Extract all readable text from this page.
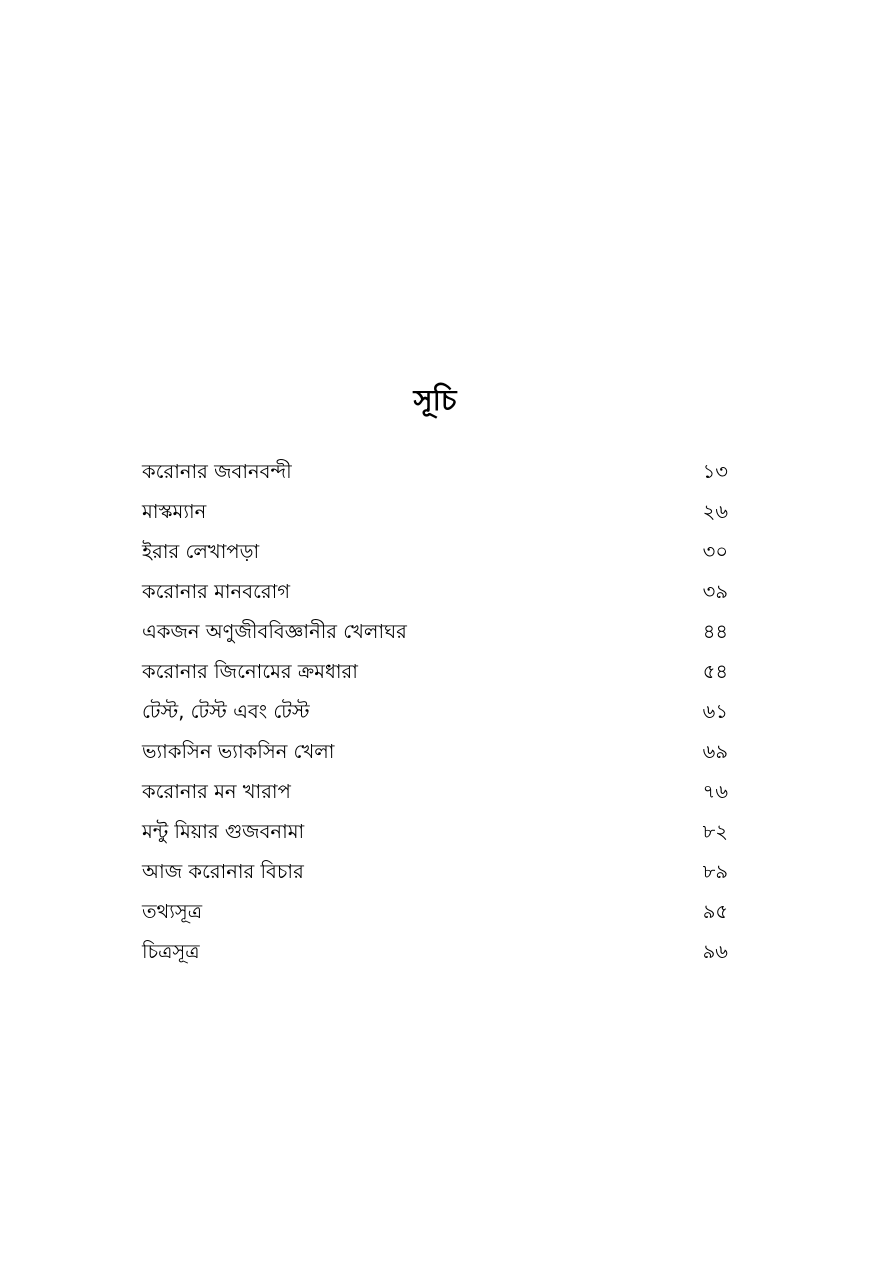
সূচি
করোনার জবানবন্দী	১৩
মাস্কম্যান	২৬
ইরার লেখাপড়া	৩০
করোনার মানবরোগ	৩৯
একজন অণুজীববিজ্ঞানীর খেলাঘর	৪৪
করোনার জিনোমের ক্রমধারা	৫৪
টেস্ট, টেস্ট এবং টেস্ট	৬১
ভ্যাকসিন ভ্যাকসিন খেলা	৬৯
করোনার মন খারাপ	৭৬
মন্টু মিয়ার গুজবনামা	৮২
আজ করোনার বিচার	৮৯
তথ্যসূত্র	৯৫
চিত্রসূত্র	৯৬
